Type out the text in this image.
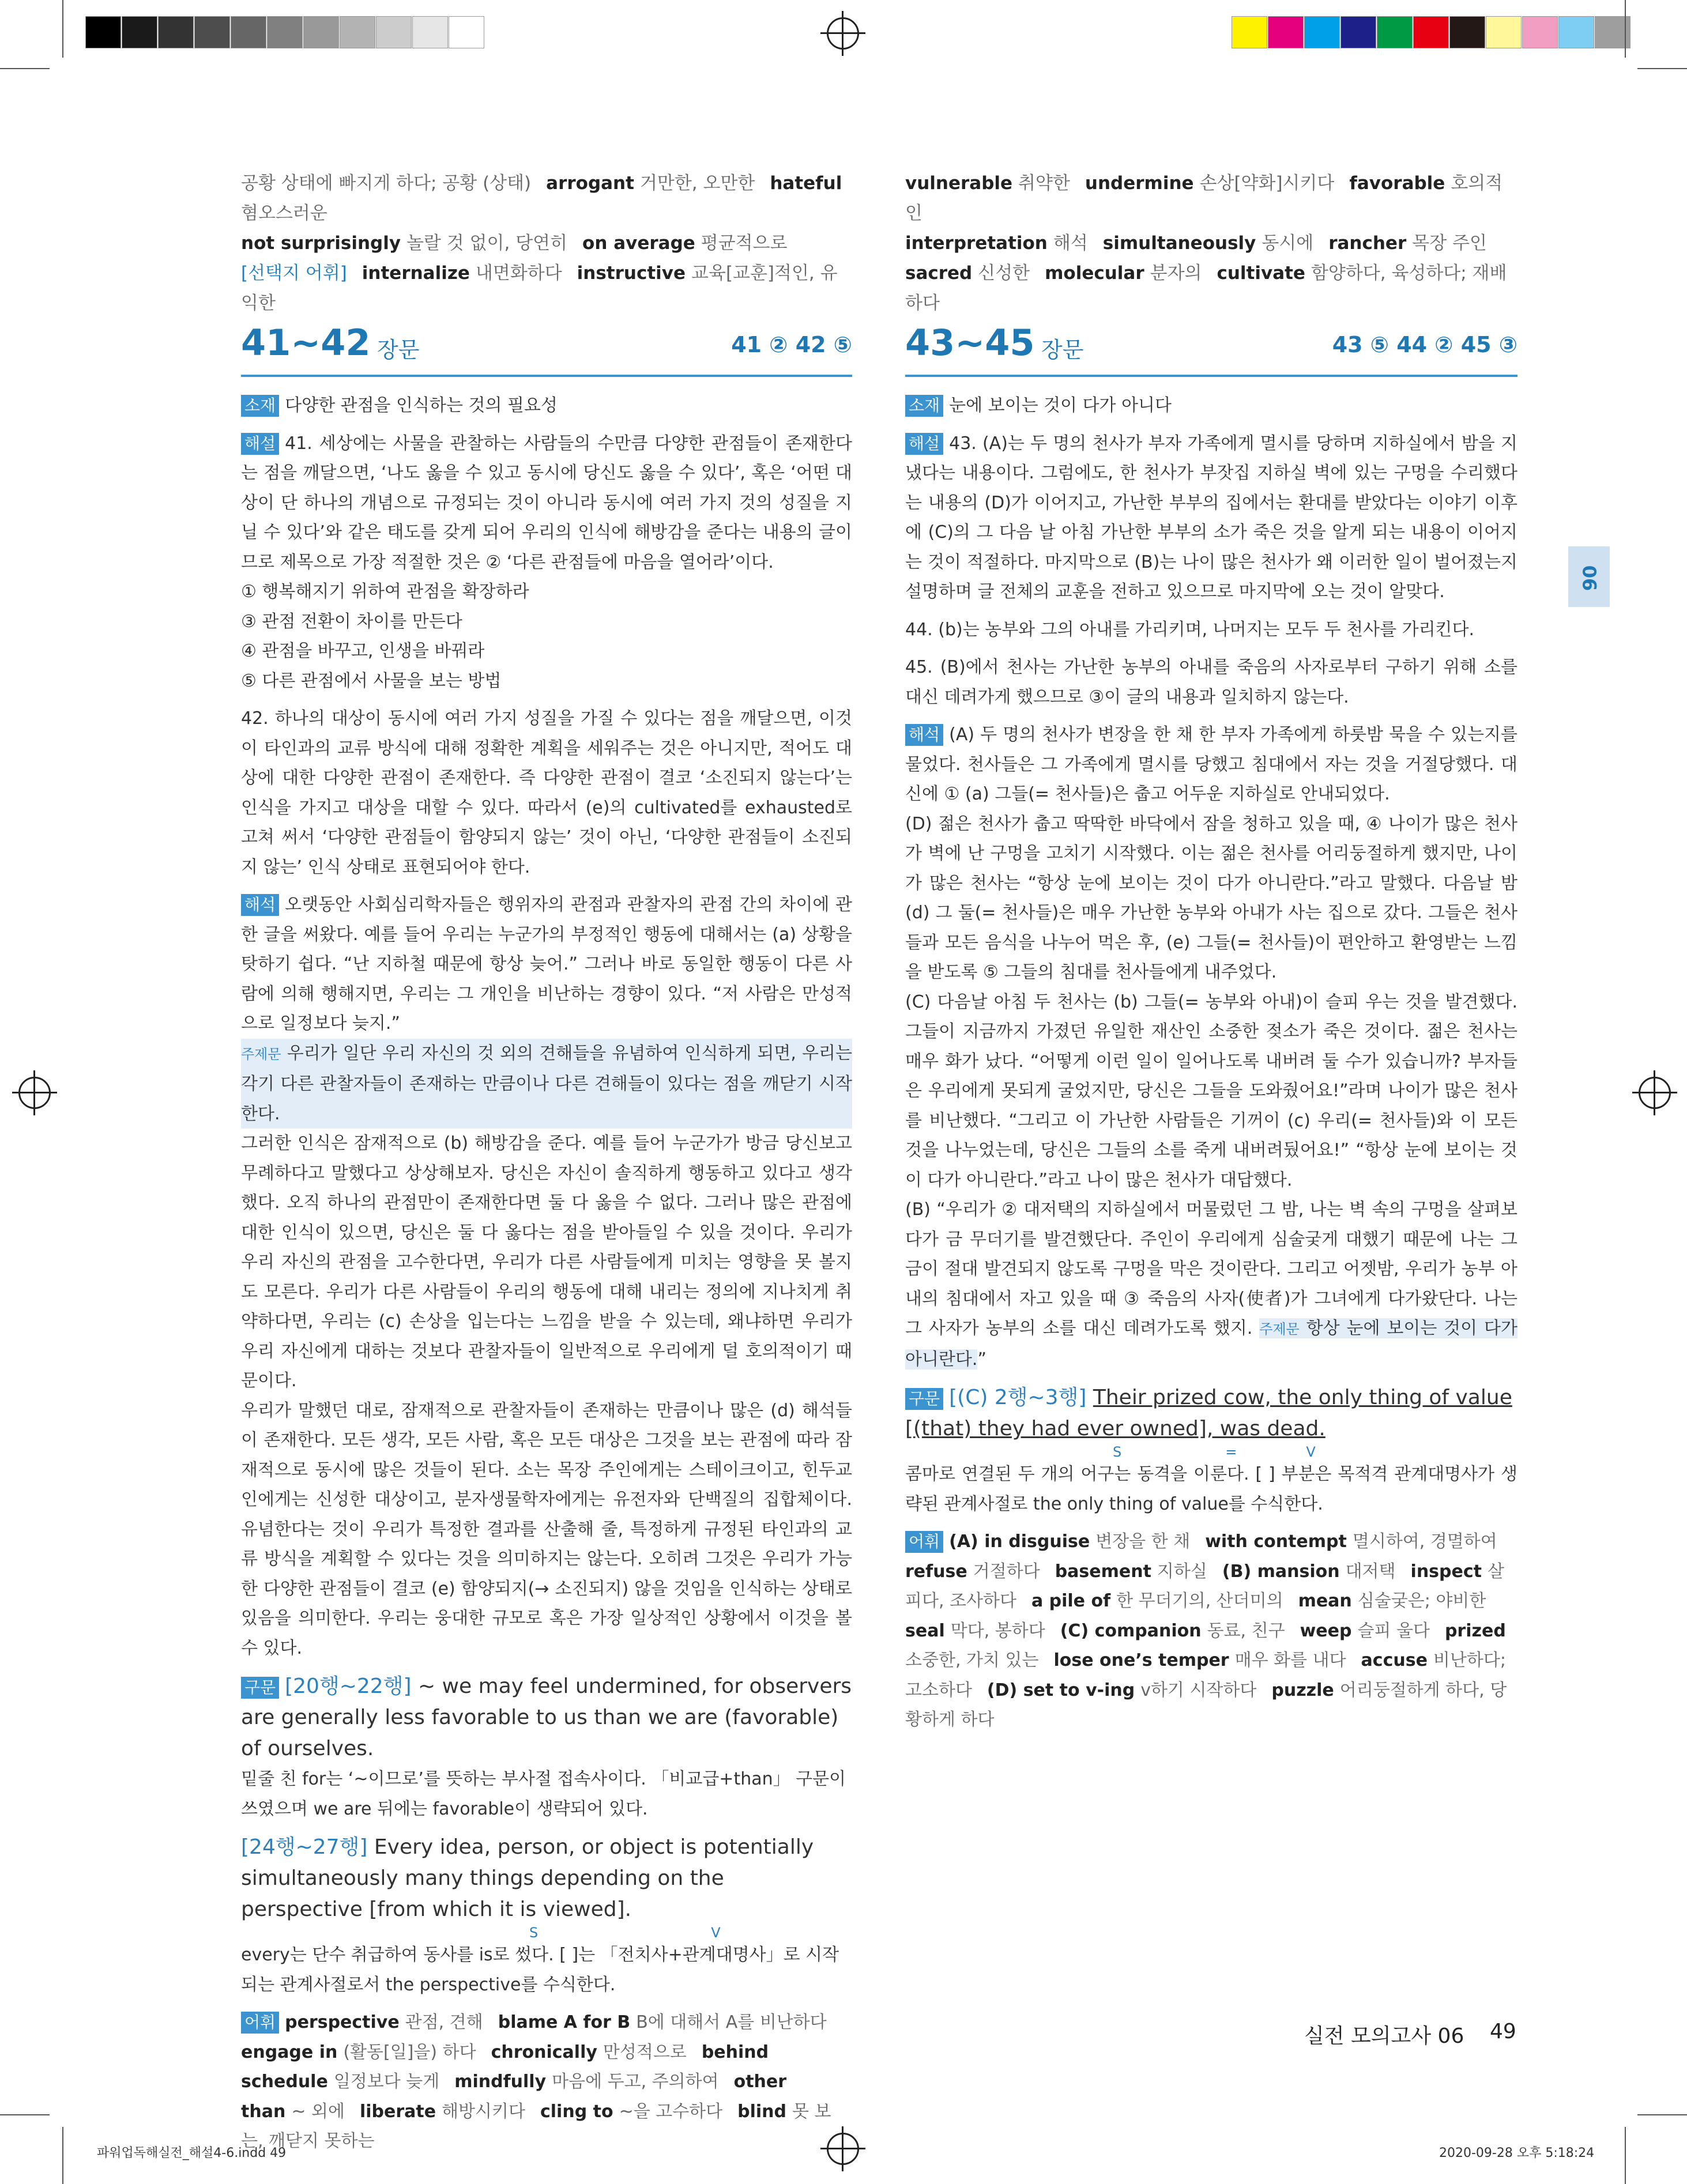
공황 상태에 빠지게 하다; 공황 (상태) arrogant 거만한, 오만한 hateful혐오스러운
not surprisingly 놀랄 것 없이, 당연히 on average 평균적으로
[선택지 어휘] internalize 내면화하다 instructive 교육[교훈]적인, 유익한
vulnerable 취약한 undermine 손상[약화]시키다 favorable 호의적인
interpretation 해석 simultaneously 동시에 rancher 목장 주인
sacred 신성한 molecular 분자의 cultivate 함양하다, 육성하다; 재배하다
41~42 장문	41 ② 42 ⑤

소재 다양한 관점을 인식하는 것의 필요성

해설 41. 세상에는 사물을 관찰하는 사람들의 수만큼 다양한 관점들이 존재한다는 점을 깨달으면, ‘나도 옳을 수 있고 동시에 당신도 옳을 수 있다’, 혹은 ‘어떤 대상이 단 하나의 개념으로 규정되는 것이 아니라 동시에 여러 가지 것의 성질을 지닐 수 있다’와 같은 태도를 갖게 되어 우리의 인식에 해방감을 준다는 내용의 글이므로 제목으로 가장 적절한 것은 ② ‘다른 관점들에 마음을 열어라’이다.

① 행복해지기 위하여 관점을 확장하라
③ 관점 전환이 차이를 만든다
④ 관점을 바꾸고, 인생을 바꿔라
⑤ 다른 관점에서 사물을 보는 방법

42. 하나의 대상이 동시에 여러 가지 성질을 가질 수 있다는 점을 깨달으면, 이것이 타인과의 교류 방식에 대해 정확한 계획을 세워주는 것은 아니지만, 적어도 대상에 대한 다양한 관점이 존재한다. 즉 다양한 관점이 결코 ‘소진되지 않는다’는 인식을 가지고 대상을 대할 수 있다. 따라서 (e)의 cultivated를 exhausted로 고쳐 써서 ‘다양한 관점들이 함양되지 않는’ 것이 아닌, ‘다양한 관점들이 소진되지 않는’ 인식 상태로 표현되어야 한다.

해석 오랫동안 사회심리학자들은 행위자의 관점과 관찰자의 관점 간의 차이에 관한 글을 써왔다. 예를 들어 우리는 누군가의 부정적인 행동에 대해서는 (a) 상황을 탓하기 쉽다. “난 지하철 때문에 항상 늦어.” 그러나 바로 동일한 행동이 다른 사람에 의해 행해지면, 우리는 그 개인을 비난하는 경향이 있다. “저 사람은 만성적으로 일정보다 늦지.”

주제문 우리가 일단 우리 자신의 것 외의 견해들을 유념하여 인식하게 되면, 우리는 각기 다른 관찰자들이 존재하는 만큼이나 다른 견해들이 있다는 점을 깨닫기 시작한다.

그러한 인식은 잠재적으로 (b) 해방감을 준다. 예를 들어 누군가가 방금 당신보고 무례하다고 말했다고 상상해보자. 당신은 자신이 솔직하게 행동하고 있다고 생각했다. 오직 하나의 관점만이 존재한다면 둘 다 옳을 수 없다. 그러나 많은 관점에 대한 인식이 있으면, 당신은 둘 다 옳다는 점을 받아들일 수 있을 것이다. 우리가 우리 자신의 관점을 고수한다면, 우리가 다른 사람들에게 미치는 영향을 못 볼지도 모른다. 우리가 다른 사람들이 우리의 행동에 대해 내리는 정의에 지나치게 취약하다면, 우리는 (c) 손상을 입는다는 느낌을 받을 수 있는데, 왜냐하면 우리가 우리 자신에게 대하는 것보다 관찰자들이 일반적으로 우리에게 덜 호의적이기 때문이다.

우리가 말했던 대로, 잠재적으로 관찰자들이 존재하는 만큼이나 많은 (d) 해석들이 존재한다. 모든 생각, 모든 사람, 혹은 모든 대상은 그것을 보는 관점에 따라 잠재적으로 동시에 많은 것들이 된다. 소는 목장 주인에게는 스테이크이고, 힌두교인에게는 신성한 대상이고, 분자생물학자에게는 유전자와 단백질의 집합체이다. 유념한다는 것이 우리가 특정한 결과를 산출해 줄, 특정하게 규정된 타인과의 교류 방식을 계획할 수 있다는 것을 의미하지는 않는다. 오히려 그것은 우리가 가능한 다양한 관점들이 결코 (e) 함양되지(→ 소진되지) 않을 것임을 인식하는 상태로 있음을 의미한다. 우리는 웅대한 규모로 혹은 가장 일상적인 상황에서 이것을 볼 수 있다.

구문 [20행~22행] ~ we may feel undermined, for observers are generally less favorable to us than we are (favorable) of ourselves.

밑줄 친 for는 ‘~이므로’를 뜻하는 부사절 접속사이다. 「비교급+than」 구문이 쓰였으며 we are 뒤에는 favorable이 생략되어 있다.

[24행~27행] Every idea, person, or object is potentially simultaneously many things depending on the perspective [from which it is viewed].

S	V

every는 단수 취급하여 동사를 is로 썼다. [ ]는 「전치사+관계대명사」로 시작되는 관계사절로서 the perspective를 수식한다.

어휘 perspective 관점, 견해 blame A for B B에 대해서 A를 비난하다engage in (활동[일]을) 하다 chronically 만성적으로 behind schedule 일정보다 늦게 mindfully 마음에 두고, 주의하여 other than ~ 외에 liberate 해방시키다 cling to ~을 고수하다 blind 못 보는, 깨닫지 못하는

43~45 장문	43 ⑤ 44 ② 45 ③

소재 눈에 보이는 것이 다가 아니다

해설 43. (A)는 두 명의 천사가 부자 가족에게 멸시를 당하며 지하실에서 밤을 지냈다는 내용이다. 그럼에도, 한 천사가 부잣집 지하실 벽에 있는 구멍을 수리했다는 내용의 (D)가 이어지고, 가난한 부부의 집에서는 환대를 받았다는 이야기 이후에 (C)의 그 다음 날 아침 가난한 부부의 소가 죽은 것을 알게 되는 내용이 이어지는 것이 적절하다. 마지막으로 (B)는 나이 많은 천사가 왜 이러한 일이 벌어졌는지 설명하며 글 전체의 교훈을 전하고 있으므로 마지막에 오는 것이 알맞다.

44. (b)는 농부와 그의 아내를 가리키며, 나머지는 모두 두 천사를 가리킨다.

45. (B)에서 천사는 가난한 농부의 아내를 죽음의 사자로부터 구하기 위해 소를 대신 데려가게 했으므로 ③이 글의 내용과 일치하지 않는다.

해석 (A) 두 명의 천사가 변장을 한 채 한 부자 가족에게 하룻밤 묵을 수 있는지를 물었다. 천사들은 그 가족에게 멸시를 당했고 침대에서 자는 것을 거절당했다. 대신에 ① (a) 그들(= 천사들)은 춥고 어두운 지하실로 안내되었다.

(D) 젊은 천사가 춥고 딱딱한 바닥에서 잠을 청하고 있을 때, ④ 나이가 많은 천사가 벽에 난 구멍을 고치기 시작했다. 이는 젊은 천사를 어리둥절하게 했지만, 나이가 많은 천사는 “항상 눈에 보이는 것이 다가 아니란다.”라고 말했다. 다음날 밤 (d) 그 둘(= 천사들)은 매우 가난한 농부와 아내가 사는 집으로 갔다. 그들은 천사들과 모든 음식을 나누어 먹은 후, (e) 그들(= 천사들)이 편안하고 환영받는 느낌을 받도록 ⑤ 그들의 침대를 천사들에게 내주었다.

(C) 다음날 아침 두 천사는 (b) 그들(= 농부와 아내)이 슬피 우는 것을 발견했다. 그들이 지금까지 가졌던 유일한 재산인 소중한 젖소가 죽은 것이다. 젊은 천사는 매우 화가 났다. “어떻게 이런 일이 일어나도록 내버려 둘 수가 있습니까? 부자들은 우리에게 못되게 굴었지만, 당신은 그들을 도와줬어요!”라며 나이가 많은 천사를 비난했다. “그리고 이 가난한 사람들은 기꺼이 (c) 우리(= 천사들)와 이 모든 것을 나누었는데, 당신은 그들의 소를 죽게 내버려뒀어요!” “항상 눈에 보이는 것이 다가 아니란다.”라고 나이 많은 천사가 대답했다.

(B) “우리가 ② 대저택의 지하실에서 머물렀던 그 밤, 나는 벽 속의 구멍을 살펴보다가 금 무더기를 발견했단다. 주인이 우리에게 심술궂게 대했기 때문에 나는 그 금이 절대 발견되지 않도록 구멍을 막은 것이란다. 그리고 어젯밤, 우리가 농부 아내의 침대에서 자고 있을 때 ③ 죽음의 사자(使者)가 그녀에게 다가왔단다. 나는 그 사자가 농부의 소를 대신 데려가도록 했지. 주제문 항상 눈에 보이는 것이 다가 아니란다.”

구문 [(C) 2행~3행] Their prized cow, the only thing of value [(that) they had ever owned], was dead.

S	=	V

콤마로 연결된 두 개의 어구는 동격을 이룬다. [ ] 부분은 목적격 관계대명사가 생략된 관계사절로 the only thing of value를 수식한다.

어휘 (A) in disguise 변장을 한 채 with contempt 멸시하여, 경멸하여refuse 거절하다 basement 지하실 (B) mansion 대저택 inspect 살피다, 조사하다 a pile of 한 무더기의, 산더미의 mean 심술궂은; 야비한seal 막다, 봉하다 (C) companion 동료, 친구 weep 슬피 울다 prized소중한, 가치 있는 lose one’s temper 매우 화를 내다 accuse 비난하다; 고소하다 (D) set to v-ing v하기 시작하다 puzzle 어리둥절하게 하다, 당황하게 하다

06
실전 모의고사 06 49
파워업독해실전_해설4-6.indd 49	2020-09-28 오후 5:18:24
